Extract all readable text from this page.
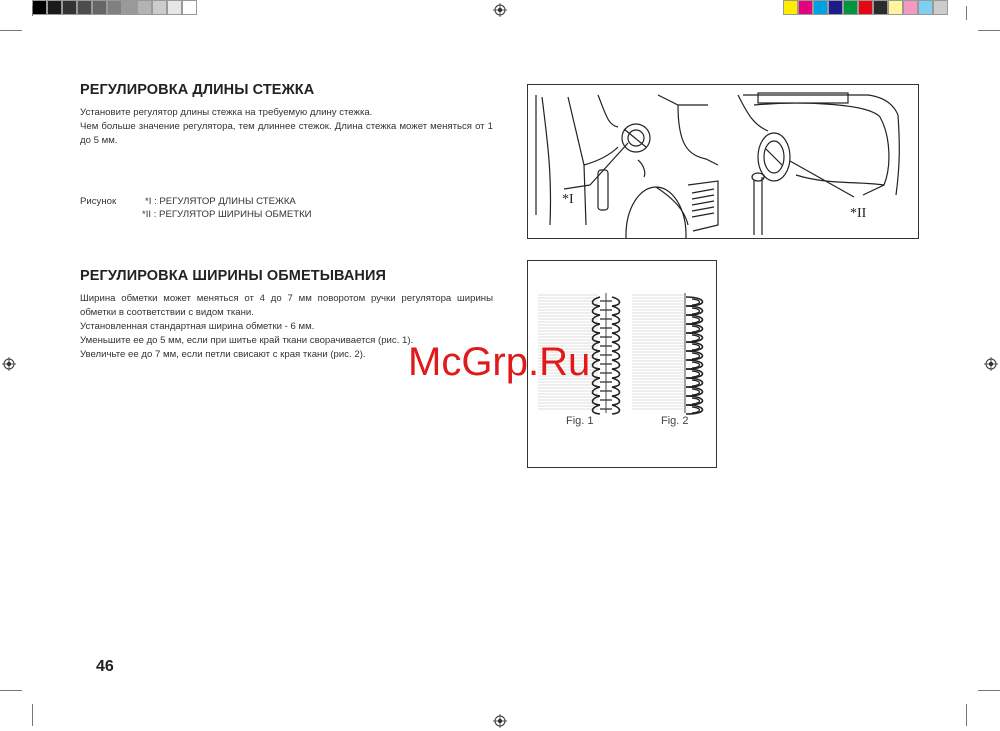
РЕГУЛИРОВКА ДЛИНЫ СТЕЖКА

Установите регулятор длины стежка на требуемую длину стежка.

Чем больше значение регулятора, тем длиннее стежок. Длина стежка может меняться от 1 до 5 мм.

Рисунок	*I : РЕГУЛЯТОР ДЛИНЫ СТЕЖКА
*II : РЕГУЛЯТОР ШИРИНЫ ОБМЕТКИ
*I
*II
РЕГУЛИРОВКА ШИРИНЫ ОБМЕТЫВАНИЯ

Ширина обметки может меняться от 4 до 7 мм поворотом ручки регулятора ширины обметки в соответствии с видом ткани.

Установленная стандартная ширина обметки - 6 мм.

Уменьшите ее до 5 мм, если при шитье край ткани сворачивается (рис. 1).

Увеличьте ее до 7 мм, если петли свисают с края ткани (рис. 2).

Fig. 1	Fig. 2
McGrp.Ru
46
